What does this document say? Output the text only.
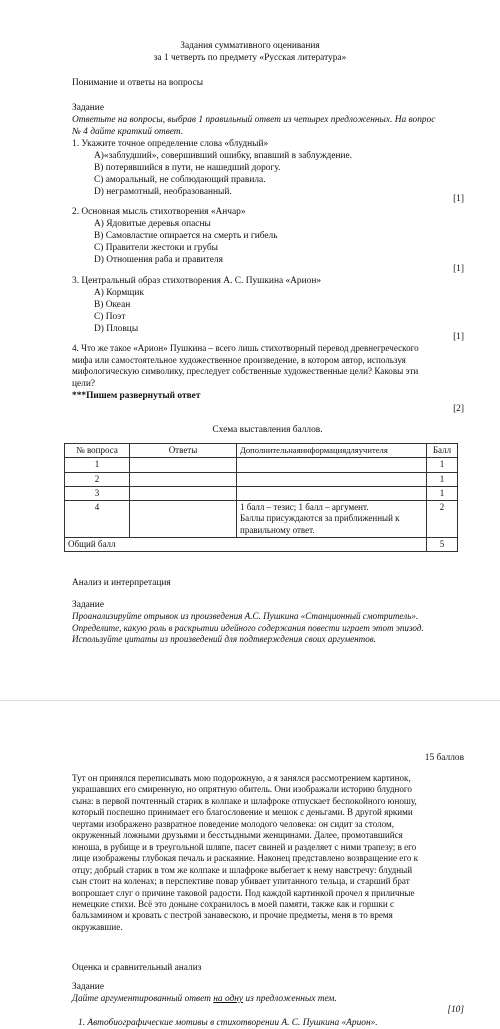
Задания суммативного оценивания
за 1 четверть по предмету «Русская литература»
Понимание и ответы на вопросы
Задание
Ответьте на вопросы, выбрав 1 правильный ответ из четырех предложенных. На вопрос
№ 4 дайте краткий ответ.
1. Укажите точное определение слова «блудный»
A)«заблудший», совершивший ошибку, впавший в заблуждение.
B) потерявшийся в пути, не нашедший дорогу.
C) аморальный, не соблюдающий правила.
D) неграмотный, необразованный.
[1]
2. Основная мысль стихотворения «Анчар»
A) Ядовитые деревья опасны
B) Самовластие опирается на смерть и гибель
C) Правители жестоки и грубы
D) Отношения раба и правителя
[1]
3. Центральный образ стихотворения А. С. Пушкина «Арион»
A) Кормщик
B) Океан
C) Поэт
D) Пловцы
[1]
4. Что же такое «Арион» Пушкина – всего лишь стихотворный перевод древнегреческого
мифа или самостоятельное художественное произведение, в котором автор, используя
мифологическую символику, преследует собственные художественные цели? Каковы эти
цели?
***Пишем развернутый ответ
[2]
Схема выставления баллов.
№ вопроса	Ответы	Дополнительнаяинформациядляучителя	Балл
1			1
2			1
3			1
4		1 балл – тезис; 1 балл – аргумент.
Баллы присуждаются за приближенный к
правильному ответ.	2
Общий балл			5
Анализ и интерпретация
Задание
Проанализируйте отрывок из произведения А.С. Пушкина «Станционный смотритель».
Определите, какую роль в раскрытии идейного содержания повести играет этот эпизод.
Используйте цитаты из произведений для подтверждения своих аргументов.
15 баллов
Тут он принялся переписывать мою подорожную, а я занялся рассмотрением картинок,
украшавших его смиренную, но опрятную обитель. Они изображали историю блудного
сына: в первой почтенный старик в колпаке и шлафроке отпускает беспокойного юношу,
который поспешно принимает его благословение и мешок с деньгами. В другой яркими
чертами изображено развратное поведение молодого человека: он сидит за столом,
окруженный ложными друзьями и бесстыдными женщинами. Далее, промотавшийся
юноша, в рубище и в треугольной шляпе, пасет свиней и разделяет с ними трапезу; в его
лице изображены глубокая печаль и раскаяние. Наконец представлено возвращение его к
отцу; добрый старик в том же колпаке и шлафроке выбегает к нему навстречу: блудный
сын стоит на коленах; в перспективе повар убивает упитанного тельца, и старший брат
вопрошает слуг о причине таковой радости. Под каждой картинкой прочел я приличные
немецкие стихи. Всё это доныне сохранилось в моей памяти, также как и горшки с
бальзамином и кровать с пестрой занавескою, и прочие предметы, меня в то время
окружавшие.
Оценка и сравнительный анализ
Задание
Дайте аргументированный ответ на одну из предложенных тем.
[10]
1. Автобиографические мотивы в стихотворении А. С. Пушкина «Арион».
